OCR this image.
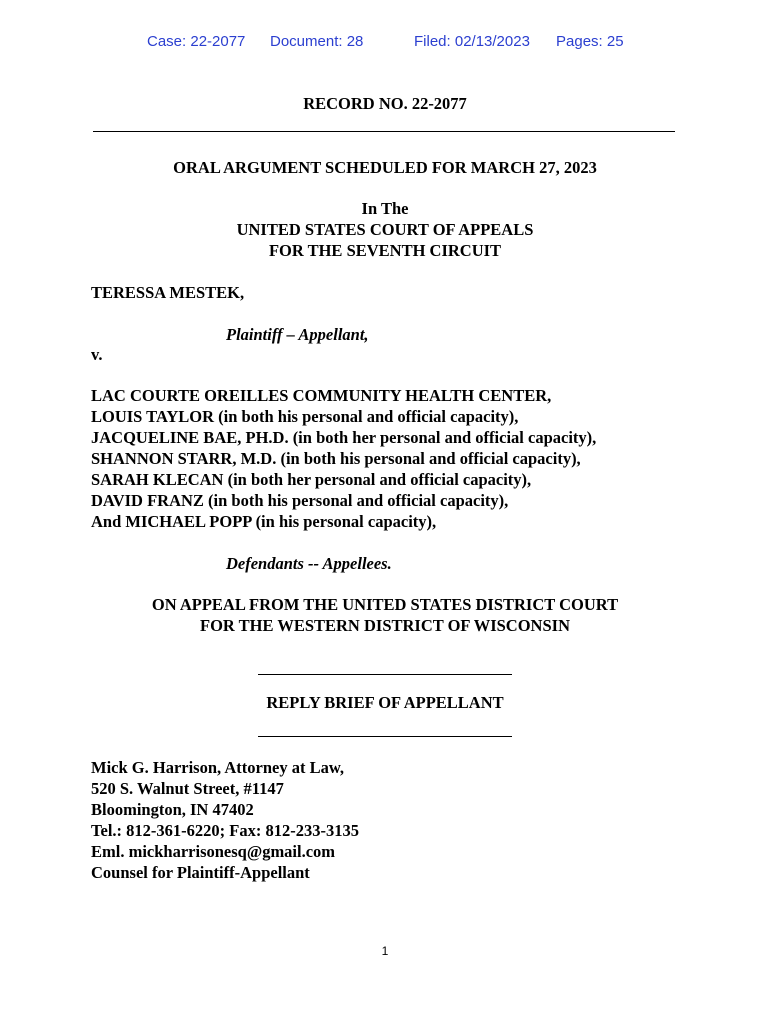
Case: 22-2077 Document: 28	Filed: 02/13/2023 Pages: 25
RECORD NO. 22-2077
ORAL ARGUMENT SCHEDULED FOR MARCH 27, 2023
In The
UNITED STATES COURT OF APPEALS
FOR THE SEVENTH CIRCUIT
TERESSA MESTEK,
Plaintiff – Appellant,
v.
LAC COURTE OREILLES COMMUNITY HEALTH CENTER,
LOUIS TAYLOR (in both his personal and official capacity),
JACQUELINE BAE, PH.D. (in both her personal and official capacity),
SHANNON STARR, M.D. (in both his personal and official capacity),
SARAH KLECAN (in both her personal and official capacity),
DAVID FRANZ (in both his personal and official capacity),
And MICHAEL POPP (in his personal capacity),
Defendants -- Appellees.
ON APPEAL FROM THE UNITED STATES DISTRICT COURT
FOR THE WESTERN DISTRICT OF WISCONSIN
REPLY BRIEF OF APPELLANT
Mick G. Harrison, Attorney at Law,
520 S. Walnut Street, #1147
Bloomington, IN 47402
Tel.: 812-361-6220; Fax: 812-233-3135
Eml. mickharrisonesq@gmail.com
Counsel for Plaintiff-Appellant
1
